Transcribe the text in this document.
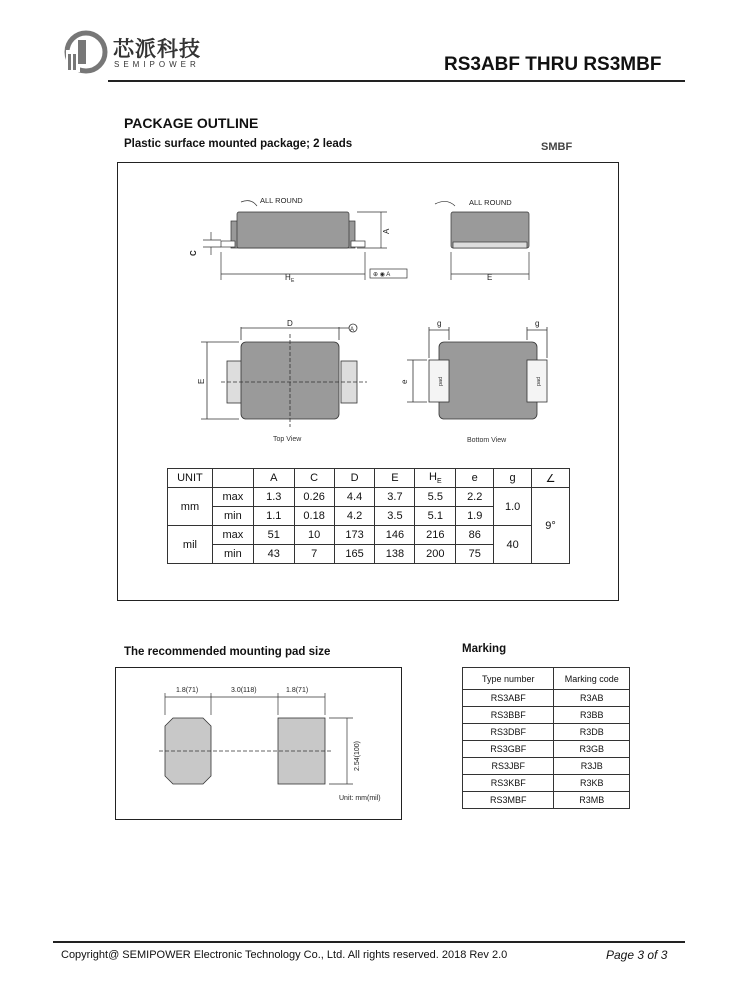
芯派科技
SEMIPOWER	RS3ABF THRU RS3MBF
PACKAGE OUTLINE
Plastic surface mounted package; 2 leads	SMBF
ALL ROUND
C
A
H E
⊕ ◉ A
ALL ROUND
E
D
A
E
Top View
g	g
e	pad	pad
Bottom View
UNIT		A	C	D	E	$H_E$	e	g	∠
mm	max	1.3	0.26	4.4	3.7	5.5	2.2	1.0	9°
	min	1.1	0.18	4.2	3.5	5.1	1.9		
mil	max	51	10	173	146	216	86	40	
	min	43	7	165	138	200	75		
The recommended mounting pad size
1.8(71)	3.0(118)	1.8(71)
2.54(100)
Unit: mm(mil)
Marking
Type number	Marking code
RS3ABF	R3AB
RS3BBF	R3BB
RS3DBF	R3DB
RS3GBF	R3GB
RS3JBF	R3JB
RS3KBF	R3KB
RS3MBF	R3MB
Copyright@ SEMIPOWER Electronic Technology Co., Ltd. All rights reserved. 2018 Rev 2.0	Page 3 of 3
